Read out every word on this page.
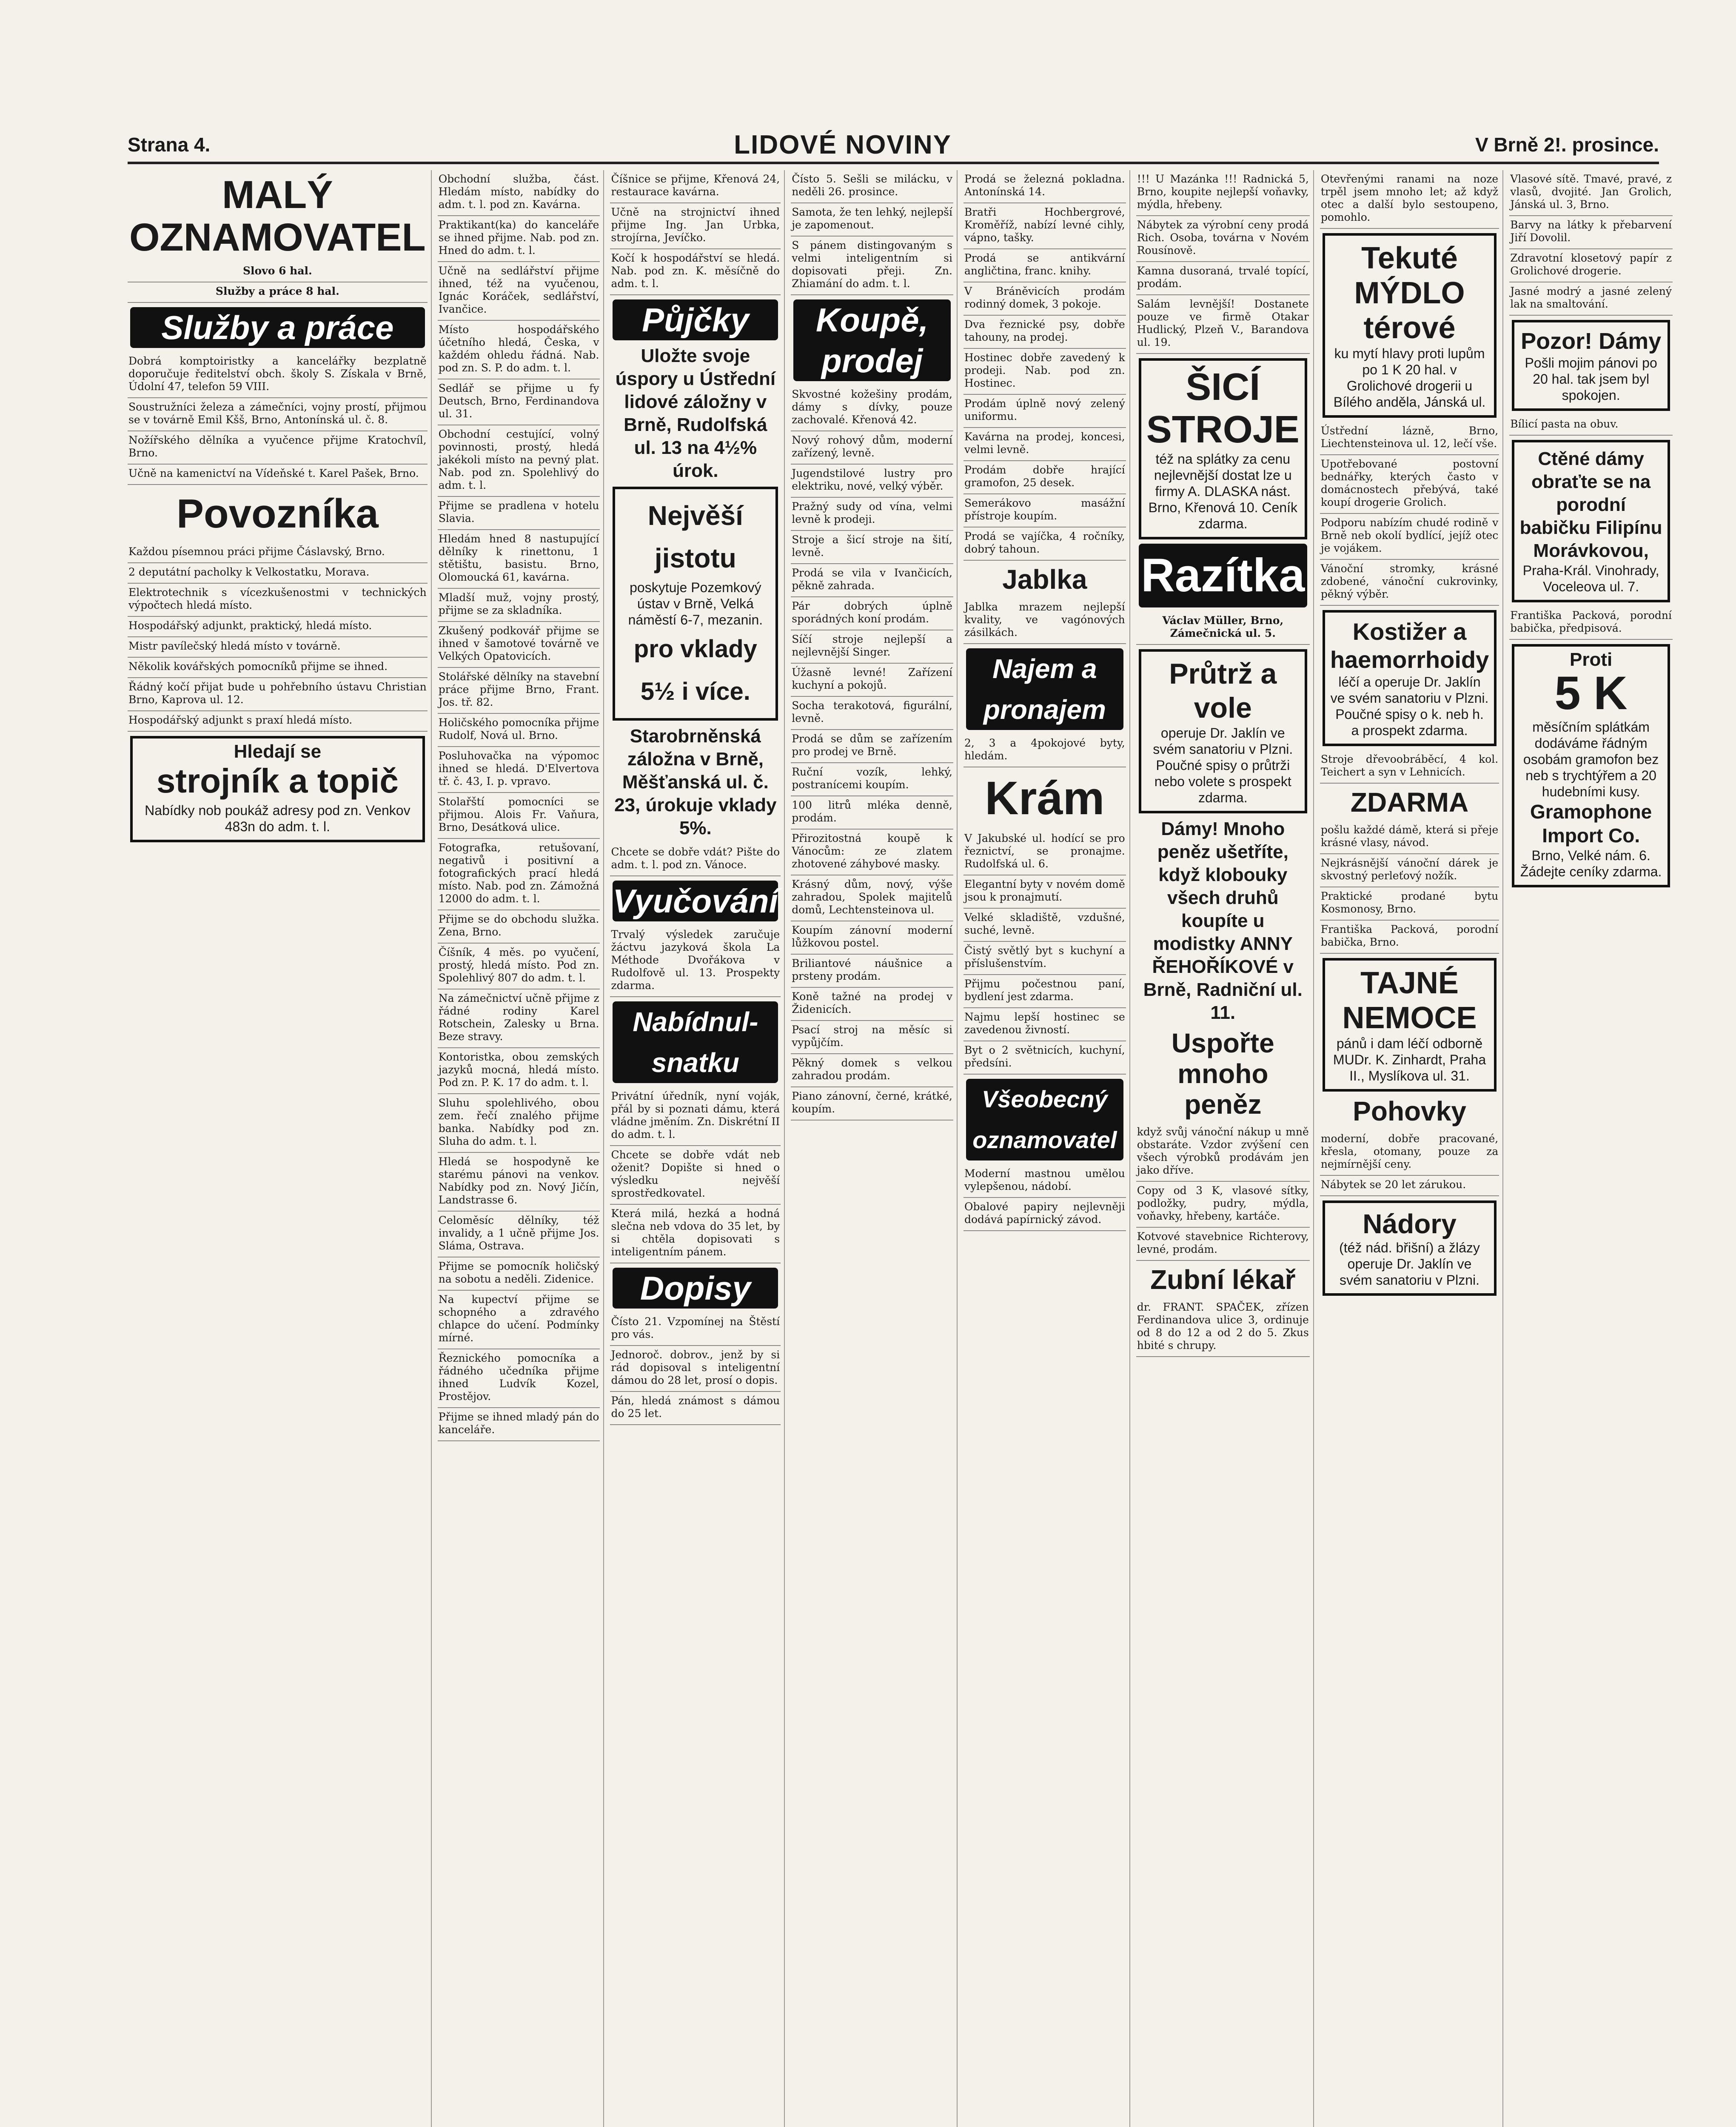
Strana 4.	LIDOVÉ NOVINY	V Brně 2!. prosince.
MALÝ OZNAMOVATEL
Slovo 6 hal.
Služby a práce 8 hal.
Služby a práce
Dobrá komptoiristky a kancelářky bezplatně doporučuje ředitelství obch. školy S. Získala v Brně, Údolní 47, telefon 59 VIII.
Soustružníci železa a zámečníci, vojny prostí, přijmou se v továrně Emil Kšš, Brno, Antonínská ul. č. 8.
Nožířského dělníka a vyučence přijme Kratochvíl, Brno.
Učně na kamenictví na Vídeňské t. Karel Pašek, Brno.
Povozníka
Každou písemnou práci přijme Čáslavský, Brno.
2 deputátní pacholky k Velkostatku, Morava.
Elektrotechnik s vícezkušenostmi v technických výpočtech hledá místo.
Hospodářský adjunkt, praktický, hledá místo.
Mistr pavílečský hledá místo v továrně.
Několik kovářských pomocníků přijme se ihned.
Řádný kočí přijat bude u pohřebního ústavu Christian Brno, Kaprova ul. 12.
Hospodářský adjunkt s praxí hledá místo.
Hledají se
strojník a topič
Nabídky nob poukáž adresy pod zn. Venkov 483n do adm. t. l.
Obchodní služba, část. Hledám místo, nabídky do adm. t. l. pod zn. Kavárna.
Praktikant(ka) do kanceláře se ihned přijme. Nab. pod zn. Hned do adm. t. l.
Učně na sedlářství přijme ihned, též na vyučenou, Ignác Koráček, sedlářství, Ivančice.
Místo hospodářského účetního hledá, Česka, v každém ohledu řádná. Nab. pod zn. S. P. do adm. t. l.
Sedlář se přijme u fy Deutsch, Brno, Ferdinandova ul. 31.
Obchodní cestující, volný povinnosti, prostý, hledá jakékoli místo na pevný plat. Nab. pod zn. Spolehlivý do adm. t. l.
Přijme se pradlena v hotelu Slavia.
Hledám hned 8 nastupující dělníky k rinettonu, 1 stětištu, basistu. Brno, Olomoucká 61, kavárna.
Mladší muž, vojny prostý, přijme se za skladníka.
Zkušený podkovář přijme se ihned v šamotové továrně ve Velkých Opatovicích.
Stolářské dělníky na stavební práce přijme Brno, Frant. Jos. tř. 82.
Holičského pomocníka přijme Rudolf, Nová ul. Brno.
Posluhovačka na výpomoc ihned se hledá. D'Elvertova tř. č. 43, I. p. vpravo.
Stolařští pomocníci se přijmou. Alois Fr. Vaňura, Brno, Desátková ulice.
Fotografka, retušovaní, negativů i positivní a fotografických prací hledá místo. Nab. pod zn. Zámožná 12000 do adm. t. l.
Přijme se do obchodu služka. Zena, Brno.
Číšník, 4 měs. po vyučení, prostý, hledá místo. Pod zn. Spolehlivý 807 do adm. t. l.
Na zámečnictví učně přijme z řádné rodiny Karel Rotschein, Zalesky u Brna. Beze stravy.
Kontoristka, obou zemských jazyků mocná, hledá místo. Pod zn. P. K. 17 do adm. t. l.
Sluhu spolehlivého, obou zem. řečí znalého přijme banka. Nabídky pod zn. Sluha do adm. t. l.
Hledá se hospodyně ke starému pánovi na venkov. Nabídky pod zn. Nový Jičín, Landstrasse 6.
Celoměsíc dělníky, též invalidy, a 1 učně přijme Jos. Sláma, Ostrava.
Přijme se pomocník holičský na sobotu a neděli. Zidenice.
Na kupectví přijme se schopného a zdravého chlapce do učení. Podmínky mírné.
Řeznického pomocníka a řádného učedníka přijme ihned Ludvík Kozel, Prostějov.
Přijme se ihned mladý pán do kanceláře.
Číšnice se přijme, Křenová 24, restaurace kavárna.
Učně na strojnictví ihned přijme Ing. Jan Urbka, strojírna, Jevíčko.
Kočí k hospodářství se hledá. Nab. pod zn. K. měsíčně do adm. t. l.
Půjčky
Uložte svoje úspory u Ústřední lidové záložny v Brně, Rudolfská ul. 13 na 4½% úrok.
Nejvěší jistotu
poskytuje Pozemkový ústav v Brně, Velká náměstí 6-7, mezanin.
pro vklady 5½ i více.
Starobrněnská záložna v Brně, Měšťanská ul. č. 23, úrokuje vklady 5%.
Chcete se dobře vdát? Pište do adm. t. l. pod zn. Vánoce.
Vyučování
Trvalý výsledek zaručuje žáctvu jazyková škola La Méthode Dvořákova v Rudolfově ul. 13. Prospekty zdarma.
Nabídnul-snatku
Privátní úředník, nyní voják, přál by si poznati dámu, která vládne jměním. Zn. Diskrétní II do adm. t. l.
Chcete se dobře vdát neb oženit? Dopište si hned o výsledku nejvěší sprostředkovatel.
Která milá, hezká a hodná slečna neb vdova do 35 let, by si chtěla dopisovati s inteligentním pánem.
Dopisy
Čísto 21. Vzpomínej na Štěstí pro vás.
Jednoroč. dobrov., jenž by si rád dopisoval s inteligentní dámou do 28 let, prosí o dopis.
Pán, hledá známost s dámou do 25 let.
Čísto 5. Sešli se milácku, v neděli 26. prosince.
Samota, že ten lehký, nejlepší je zapomenout.
S pánem distingovaným s velmi inteligentním si dopisovati přeji. Zn. Zhiamání do adm. t. l.
Koupě, prodej
Skvostné kožešiny prodám, dámy s dívky, pouze zachovalé. Křenová 42.
Nový rohový dům, moderní zařízený, levně.
Jugendstilové lustry pro elektriku, nové, velký výběr.
Pražný sudy od vína, velmi levně k prodeji.
Stroje a šicí stroje na šití, levně.
Prodá se vila v Ivančicích, pěkně zahrada.
Pár dobrých úplně sporádných koní prodám.
Síčí stroje nejlepší a nejlevnější Singer.
Úžasně levné! Zařízení kuchyní a pokojů.
Socha terakotová, figurální, levně.
Prodá se dům se zařízením pro prodej ve Brně.
Ruční vozík, lehký, postranícemi koupím.
100 litrů mléka denně, prodám.
Přirozitostná koupě k Vánocům: ze zlatem zhotovené záhybové masky.
Krásný dům, nový, výše zahradou, Spolek majitelů domů, Lechtensteinova ul.
Koupím zánovní moderní lůžkovou postel.
Briliantové náušnice a prsteny prodám.
Koně tažné na prodej v Židenicích.
Psací stroj na měsíc si vypůjčím.
Pěkný domek s velkou zahradou prodám.
Piano zánovní, černé, krátké, koupím.
Prodá se železná pokladna. Antonínská 14.
Bratři Hochbergrové, Kroměříž, nabízí levné cihly, vápno, tašky.
Prodá se antikvární angličtina, franc. knihy.
V Bráněvicích prodám rodinný domek, 3 pokoje.
Dva řeznické psy, dobře tahouny, na prodej.
Hostinec dobře zavedený k prodeji. Nab. pod zn. Hostinec.
Prodám úplně nový zelený uniformu.
Kavárna na prodej, koncesi, velmi levně.
Prodám dobře hrající gramofon, 25 desek.
Semerákovo masážní přístroje koupím.
Prodá se vajíčka, 4 ročníky, dobrý tahoun.
Jablka
Jablka mrazem nejlepší kvality, ve vagónových zásilkách.
Najem a pronajem
2, 3 a 4pokojové byty, hledám.
Krám
V Jakubské ul. hodící se pro řeznictví, se pronajme. Rudolfská ul. 6.
Elegantní byty v novém domě jsou k pronajmutí.
Velké skladiště, vzdušné, suché, levně.
Čistý světlý byt s kuchyní a příslušenstvím.
Přijmu počestnou paní, bydlení jest zdarma.
Najmu lepší hostinec se zavedenou živností.
Byt o 2 světnicích, kuchyní, předsíni.
Všeobecný oznamovatel
Moderní mastnou umělou vylepšenou, nádobí.
Obalové papiry nejlevněji dodává papírnický závod.
!!! U Mazánka !!! Radnická 5, Brno, koupite nejlepší voňavky, mýdla, hřebeny.
Nábytek za výrobní ceny prodá Rich. Osoba, továrna v Novém Rousínově.
Kamna dusoraná, trvalé topící, prodám.
Salám levnější! Dostanete pouze ve firmě Otakar Hudlický, Plzeň V., Barandova ul. 19.
ŠICÍ STROJE
též na splátky za cenu nejlevnější dostat lze u firmy A. DLASKA nást. Brno, Křenová 10. Ceník zdarma.
Razítka
Václav Müller, Brno, Zámečnická ul. 5.
Průtrž a vole
operuje Dr. Jaklín ve svém sanatoriu v Plzni. Poučné spisy o průtrži nebo volete s prospekt zdarma.
Dámy! Mnoho peněz ušetříte, když klobouky všech druhů koupíte u modistky ANNY ŘEHOŘÍKOVÉ v Brně, Radniční ul. 11.
Uspořte mnoho peněz
když svůj vánoční nákup u mně obstaráte. Vzdor zvýšení cen všech výrobků prodávám jen jako dříve.
Copy od 3 K, vlasové sítky, podložky, pudry, mýdla, voňavky, hřebeny, kartáče.
Kotvové stavebnice Richterovy, levné, prodám.
Zubní lékař
dr. FRANT. SPAČEK, zřízen Ferdinandova ulice 3, ordinuje od 8 do 12 a od 2 do 5. Zkus hbité s chrupy.
Otevřenými ranami na noze trpěl jsem mnoho let; až když otec a další bylo sestoupeno, pomohlo.
Tekuté MÝDLO térové
ku mytí hlavy proti lupům po 1 K 20 hal. v Grolichové drogerii u Bílého anděla, Jánská ul.
Ústřední lázně, Brno, Liechtensteinova ul. 12, lečí vše.
Upotřebované postovní bednářky, kterých často v domácnostech přebývá, také koupí drogerie Grolich.
Podporu nabízím chudé rodině v Brně neb okolí bydlící, jejíž otec je vojákem.
Vánoční stromky, krásné zdobené, vánoční cukrovinky, pěkný výběr.
Kostižer a haemorrhoidy
léčí a operuje Dr. Jaklín ve svém sanatoriu v Plzni. Poučné spisy o k. neb h. a prospekt zdarma.
Stroje dřevoobráběcí, 4 kol. Teichert a syn v Lehnicích.
ZDARMA
pošlu každé dámě, která si přeje krásné vlasy, návod.
Nejkrásnější vánoční dárek je skvostný perleťový nožík.
Praktické prodané bytu Kosmonosy, Brno.
Františka Packová, porodní babička, Brno.
TAJNÉ NEMOCE
pánů i dam léčí odborně MUDr. K. Zinhardt, Praha II., Myslíkova ul. 31.
Pohovky
moderní, dobře pracované, křesla, otomany, pouze za nejmírnější ceny.
Nábytek se 20 let zárukou.
Nádory
(též nád. břišní) a žlázy operuje Dr. Jaklín ve svém sanatoriu v Plzni.
Vlasové sítě. Tmavé, pravé, z vlasů, dvojité. Jan Grolich, Jánská ul. 3, Brno.
Barvy na látky k přebarvení Jiří Dovolil.
Zdravotní klosetový papír z Grolichové drogerie.
Jasné modrý a jasné zelený lak na smaltování.
Pozor! Dámy
Pošli mojim pánovi po 20 hal. tak jsem byl spokojen.
Bílicí pasta na obuv.
Ctěné dámy obraťte se na porodní babičku Filipínu Morávkovou,
Praha-Král. Vinohrady, Voceleova ul. 7.
Františka Packová, porodní babička, předpisová.
Proti
5 K
měsíčním splátkám dodáváme řádným osobám gramofon bez neb s trychtýřem a 20 hudebními kusy.
Gramophone Import Co.
Brno, Velké nám. 6. Žádejte ceníky zdarma.
